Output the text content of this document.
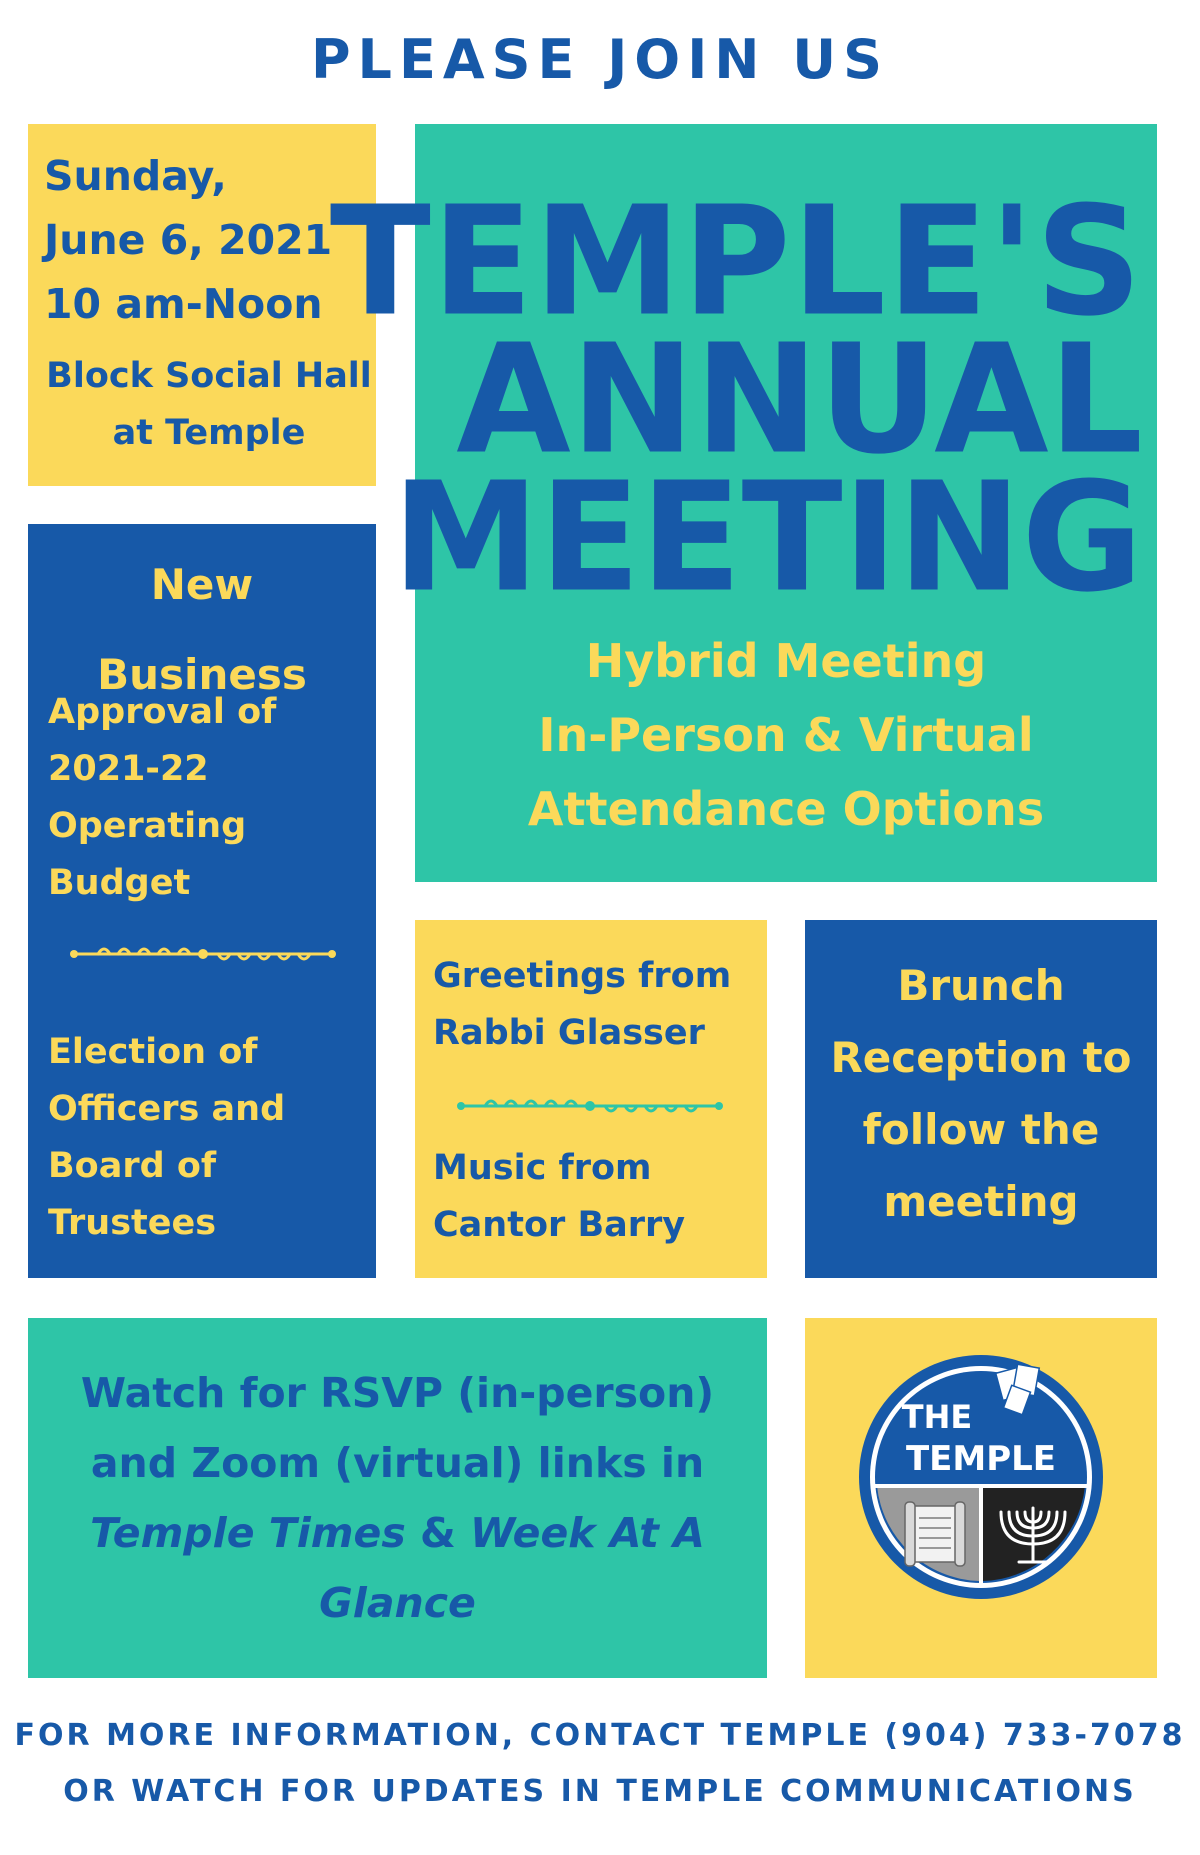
PLEASE JOIN US
Sunday,
June 6, 2021
10 am-Noon
Block Social Hall
at Temple
TEMPLE'S
ANNUAL
MEETING
Hybrid Meeting
In-Person & Virtual
Attendance Options
New
Business
Approval of
2021-22
Operating
Budget
Election of
Officers and
Board of
Trustees
Greetings from
Rabbi Glasser
Music from
Cantor Barry
Brunch
Reception to
follow the
meeting
Watch for RSVP (in-person)
and Zoom (virtual) links in
Temple Times & Week At A
Glance
THE
TEMPLE
FOR MORE INFORMATION, CONTACT TEMPLE (904) 733-7078
OR WATCH FOR UPDATES IN TEMPLE COMMUNICATIONS
